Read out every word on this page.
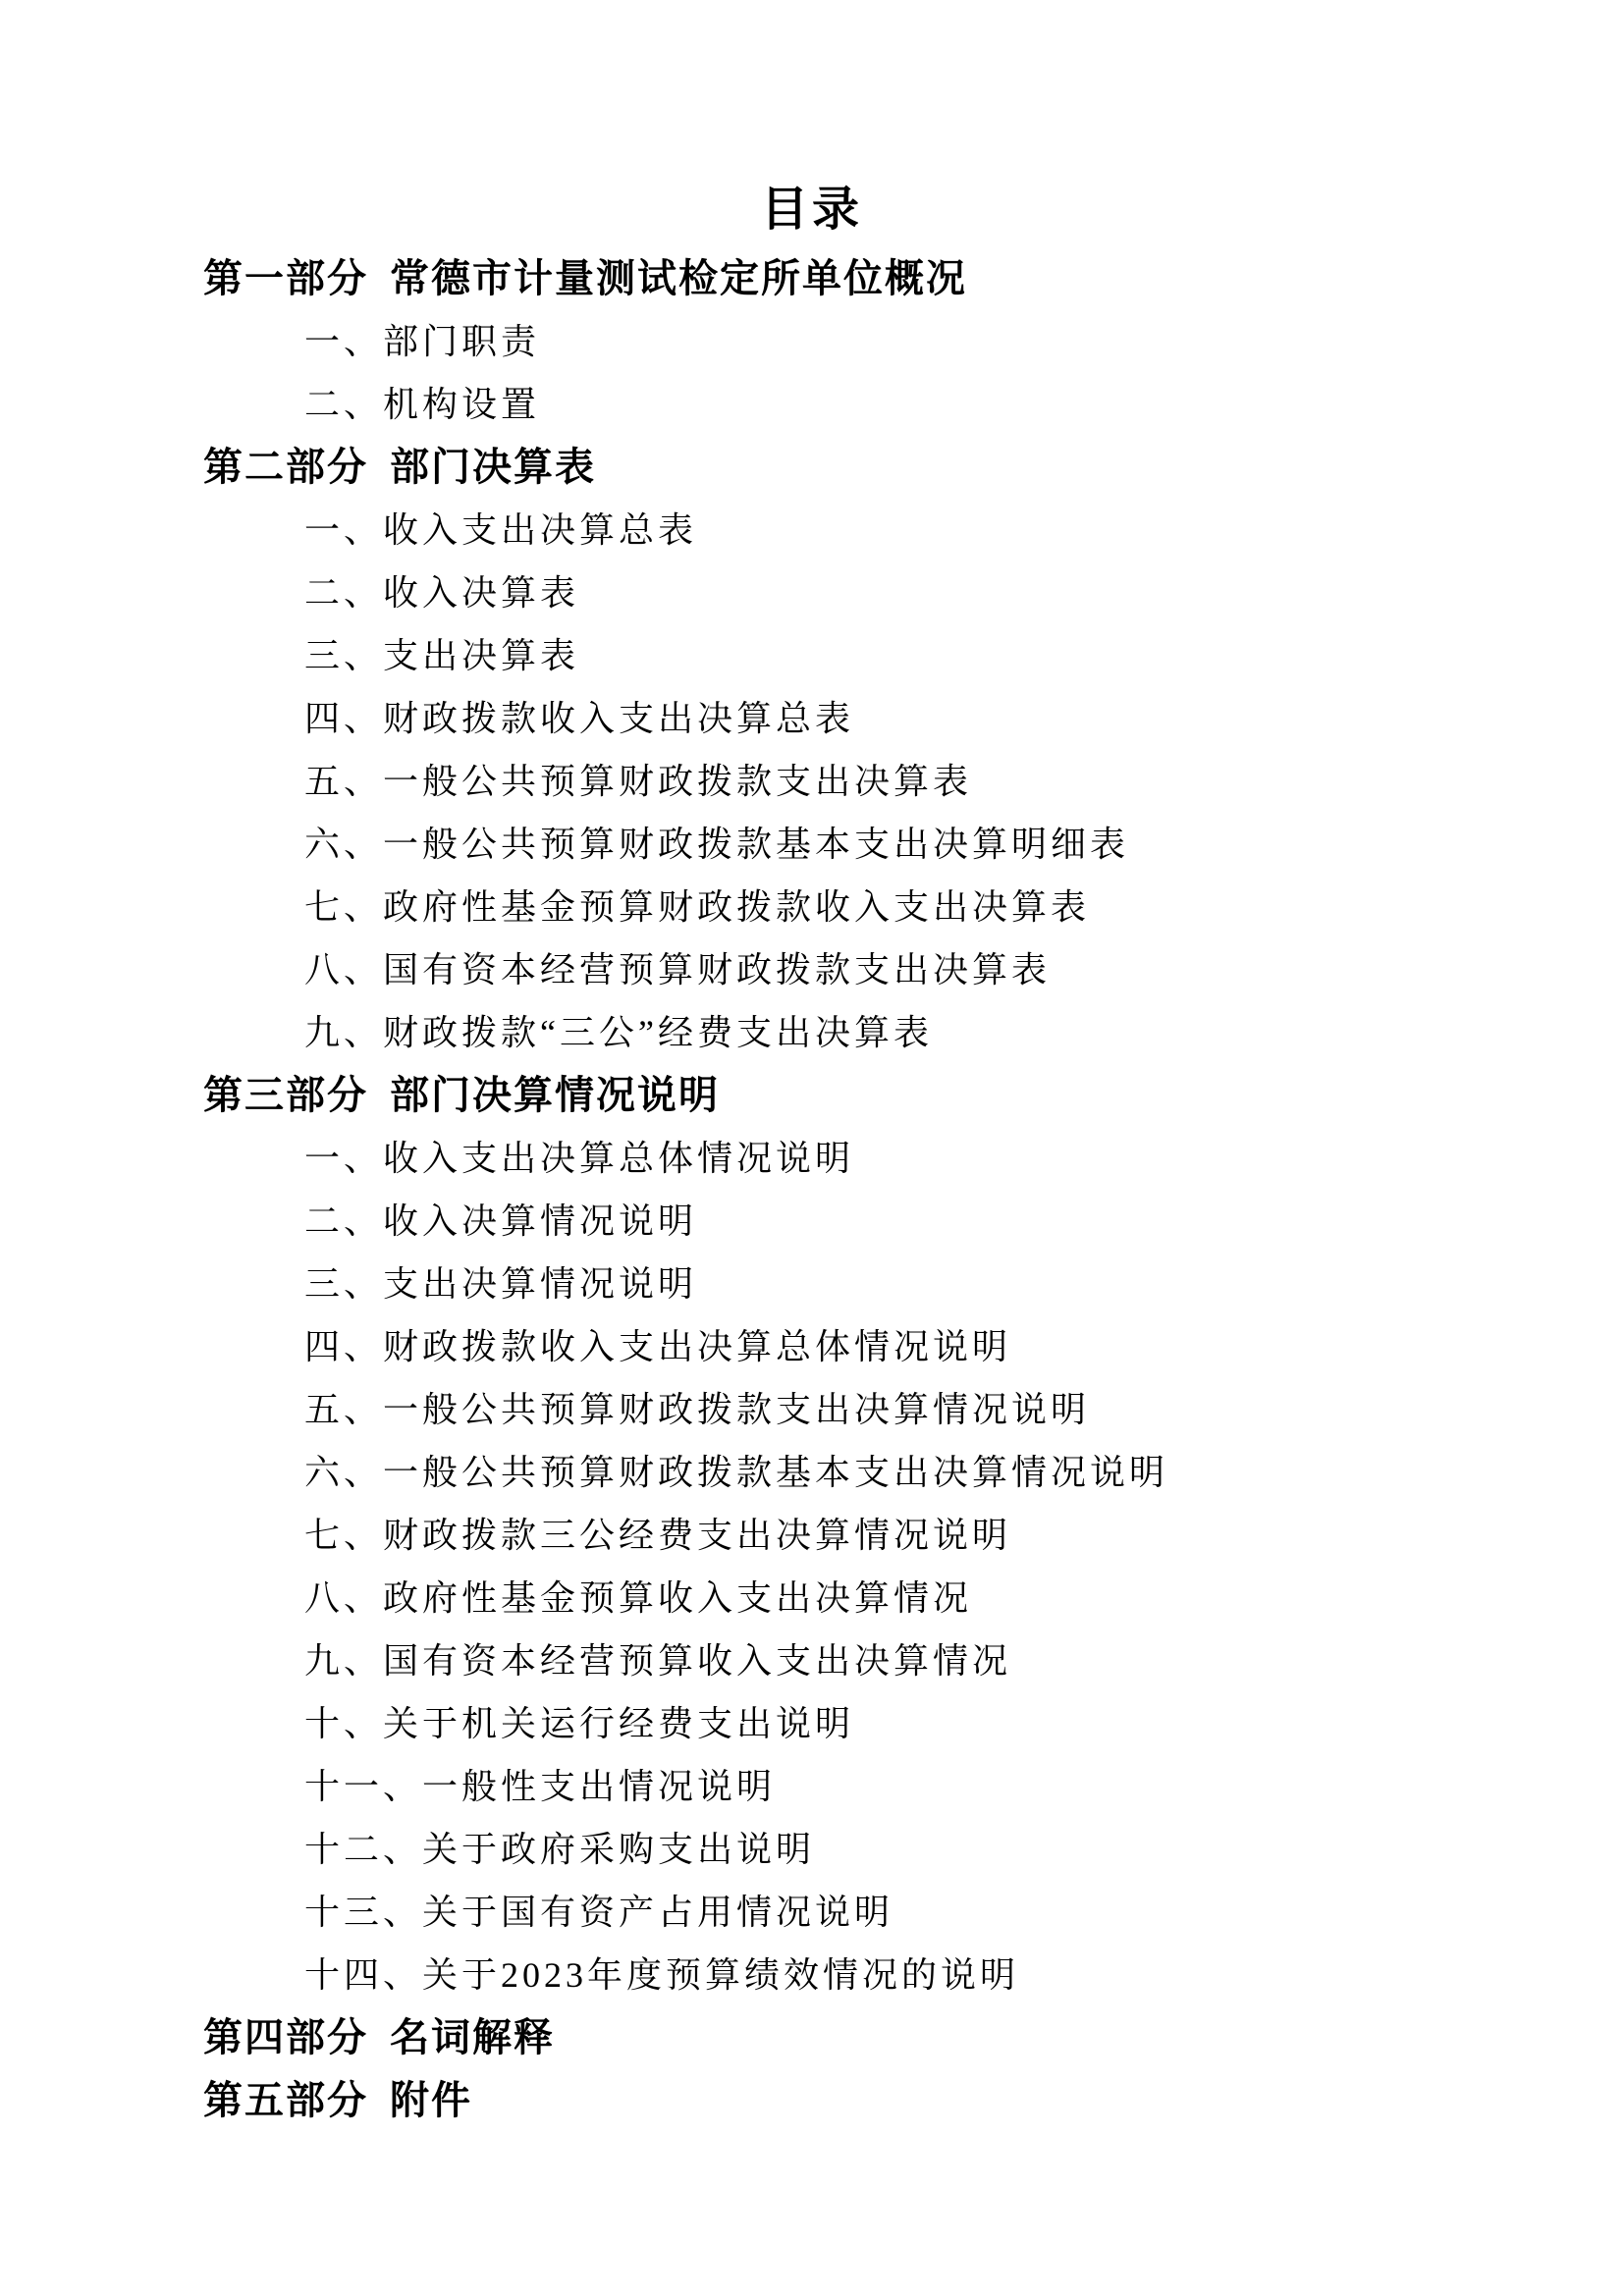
目录
第一部分 常德市计量测试检定所单位概况
一、部门职责
二、机构设置
第二部分 部门决算表
一、收入支出决算总表
二、收入决算表
三、支出决算表
四、财政拨款收入支出决算总表
五、一般公共预算财政拨款支出决算表
六、一般公共预算财政拨款基本支出决算明细表
七、政府性基金预算财政拨款收入支出决算表
八、国有资本经营预算财政拨款支出决算表
九、财政拨款“三公”经费支出决算表
第三部分 部门决算情况说明
一、收入支出决算总体情况说明
二、收入决算情况说明
三、支出决算情况说明
四、财政拨款收入支出决算总体情况说明
五、一般公共预算财政拨款支出决算情况说明
六、一般公共预算财政拨款基本支出决算情况说明
七、财政拨款三公经费支出决算情况说明
八、政府性基金预算收入支出决算情况
九、国有资本经营预算收入支出决算情况
十、关于机关运行经费支出说明
十一、一般性支出情况说明
十二、关于政府采购支出说明
十三、关于国有资产占用情况说明
十四、关于2023年度预算绩效情况的说明
第四部分 名词解释
第五部分 附件
